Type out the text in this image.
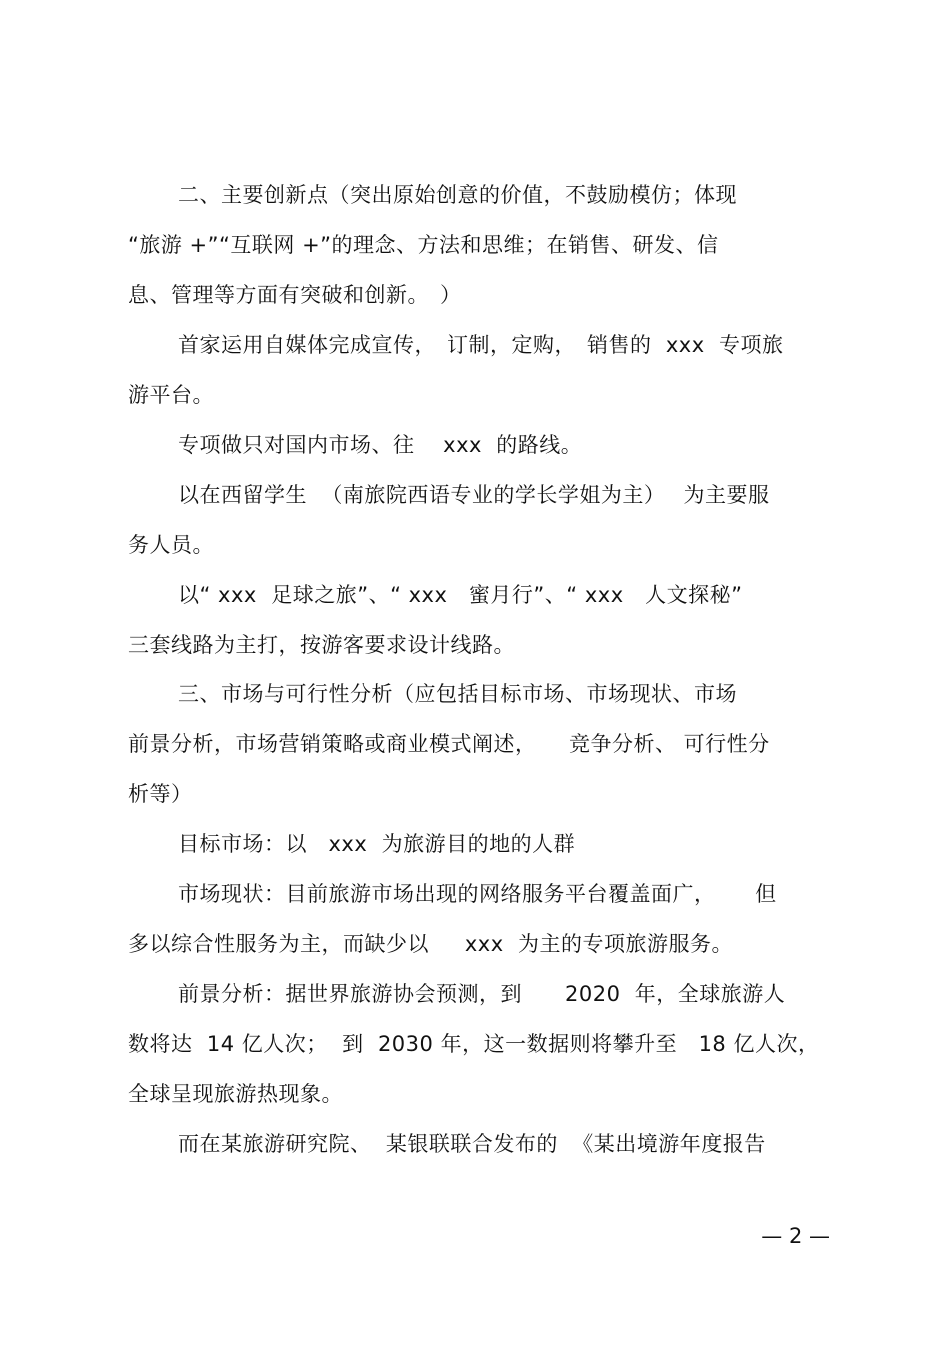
二、主要创新点（突出原始创意的价值，不鼓励模仿；体现
“旅游 +”“互联网 +”的理念、方法和思维；在销售、研发、信
息、管理等方面有突破和创新。　）
首家运用自媒体完成宣传，　订制，定购，　销售的  xxx  专项旅
游平台。
专项做只对国内市场、往　 xxx  的路线。
以在西留学生  （南旅院西语专业的学长学姐为主）　 为主要服
务人员。
以“ xxx  足球之旅”、“ xxx   蜜月行”、“ xxx   人文探秘”
三套线路为主打，按游客要求设计线路。
三、市场与可行性分析（应包括目标市场、市场现状、市场
前景分析，市场营销策略或商业模式阐述，　　竞争分析、 可行性分
析等）
目标市场：以　xxx  为旅游目的地的人群
市场现状：目前旅游市场出现的网络服务平台覆盖面广，　　 但
多以综合性服务为主，而缺少以　  xxx  为主的专项旅游服务。
前景分析：据世界旅游协会预测，到　　2020  年，全球旅游人
数将达  14 亿人次；  到  2030 年，这一数据则将攀升至　18 亿人次，
全球呈现旅游热现象。
而在某旅游研究院、  某银联联合发布的  《某出境游年度报告
— 2 —
